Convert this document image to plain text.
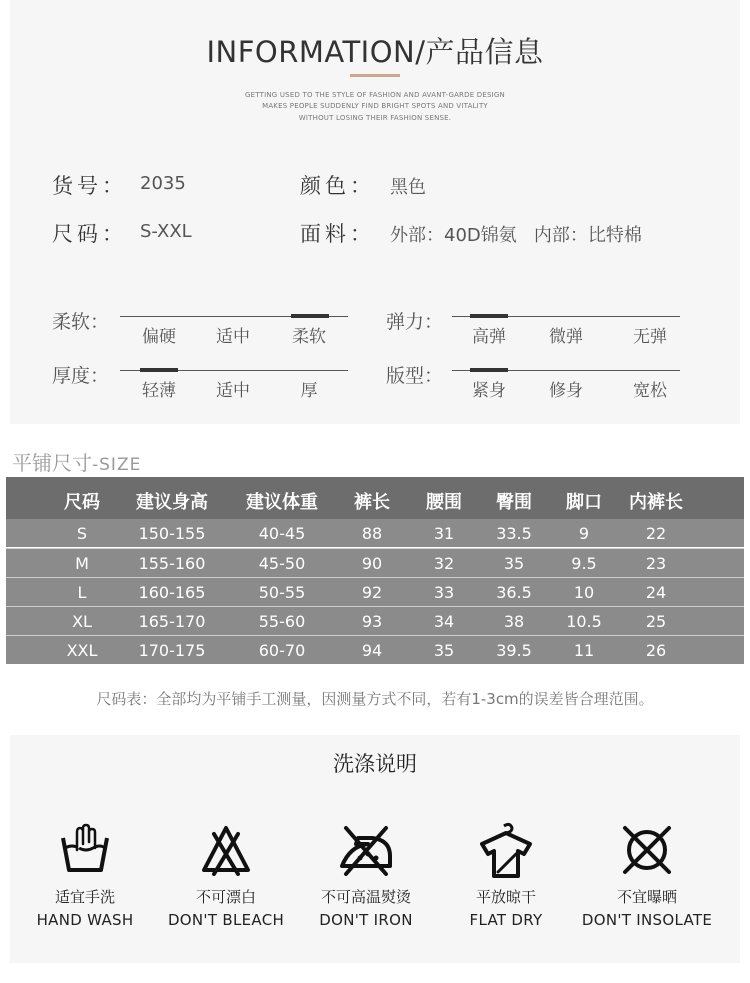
INFORMATION/产品信息
GETTING USED TO THE STYLE OF FASHION AND AVANT-GARDE DESIGN
MAKES PEOPLE SUDDENLY FIND BRIGHT SPOTS AND VITALITY
WITHOUT LOSING THEIR FASHION SENSE.
货号： 2035	颜色： 黑色
尺码： S-XXL	面料： 外部：40D锦氨   内部：比特棉
柔软：
偏硬	适中	柔软
弹力：
高弹	微弹	无弹
厚度：
轻薄	适中	厚
版型：
紧身	修身	宽松
平铺尺寸-SIZE
尺码	建议身高	建议体重	裤长	腰围	臀围	脚口	内裤长
S	150-155	40-45	88	31	33.5	9	22
M	155-160	45-50	90	32	35	9.5	23
L	160-165	50-55	92	33	36.5	10	24
XL	165-170	55-60	93	34	38	10.5	25
XXL	170-175	60-70	94	35	39.5	11	26
尺码表：全部均为平铺手工测量，因测量方式不同，若有1-3cm的误差皆合理范围。
洗涤说明
适宜手洗
HAND WASH
不可漂白
DON'T BLEACH
不可高温熨烫
DON'T IRON
平放晾干
FLAT DRY
不宜曝晒
DON'T INSOLATE
